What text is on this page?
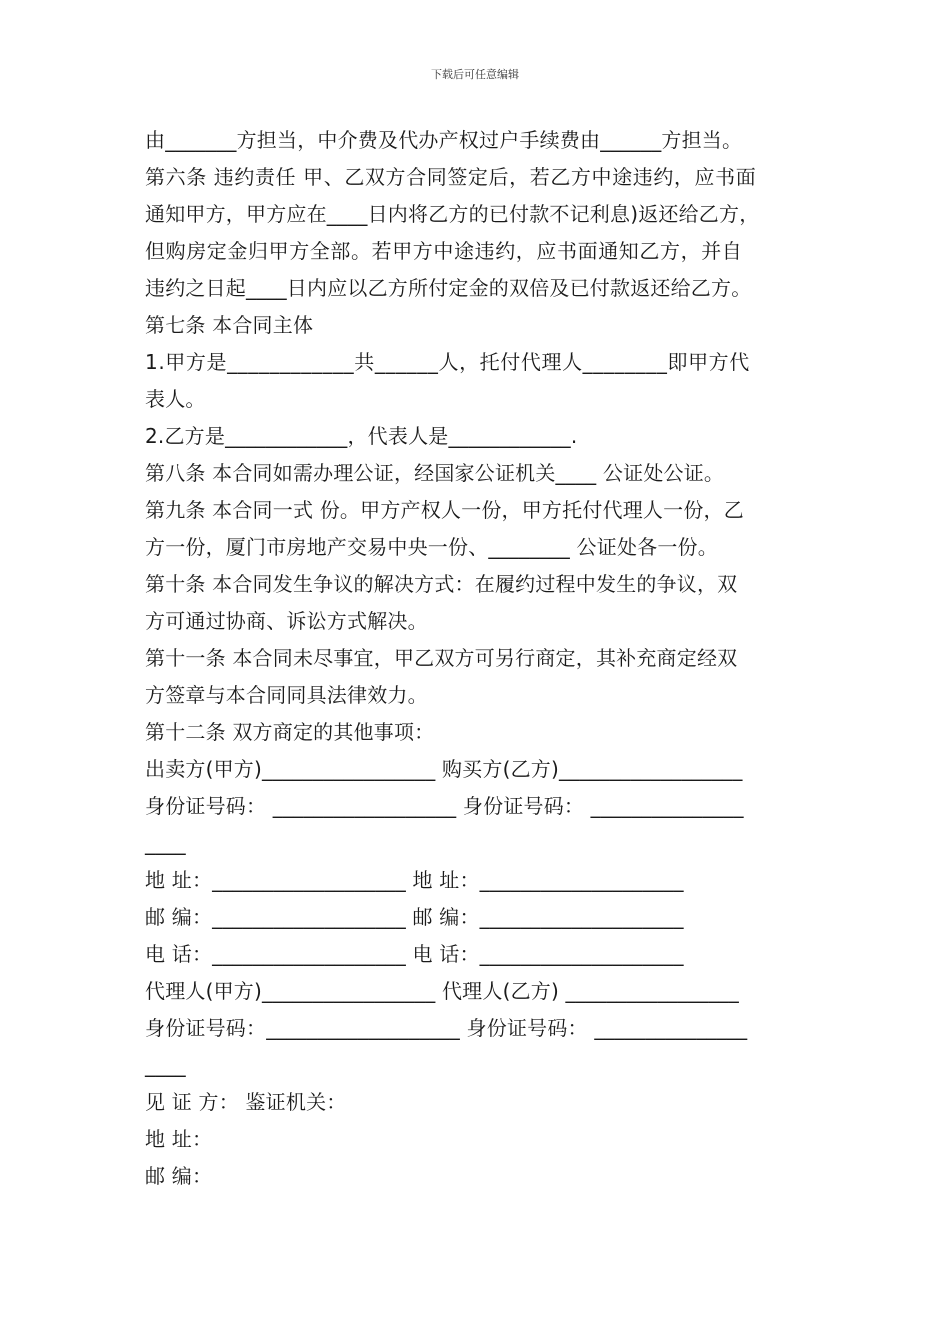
下载后可任意编辑
由_______方担当，中介费及代办产权过户手续费由______方担当。
第六条 违约责任 甲、乙双方合同签定后，若乙方中途违约，应书面
通知甲方，甲方应在____日内将乙方的已付款不记利息)返还给乙方，
但购房定金归甲方全部。若甲方中途违约，应书面通知乙方，并自
违约之日起____日内应以乙方所付定金的双倍及已付款返还给乙方。
第七条 本合同主体
1.甲方是____________共______人，托付代理人________即甲方代
表人。
2.乙方是____________，代表人是____________.
第八条 本合同如需办理公证，经国家公证机关____ 公证处公证。
第九条 本合同一式 份。甲方产权人一份，甲方托付代理人一份，乙
方一份，厦门市房地产交易中央一份、________ 公证处各一份。
第十条 本合同发生争议的解决方式：在履约过程中发生的争议，双
方可通过协商、诉讼方式解决。
第十一条 本合同未尽事宜，甲乙双方可另行商定，其补充商定经双
方签章与本合同同具法律效力。
第十二条 双方商定的其他事项：
出卖方(甲方)_________________ 购买方(乙方)__________________
身份证号码： __________________ 身份证号码： _______________
____
地 址：___________________ 地 址：____________________
邮 编：___________________ 邮 编：____________________
电 话：___________________ 电 话：____________________
代理人(甲方)_________________ 代理人(乙方) _________________
身份证号码：___________________ 身份证号码： _______________
____
见 证 方： 鉴证机关：
地 址：
邮 编：
